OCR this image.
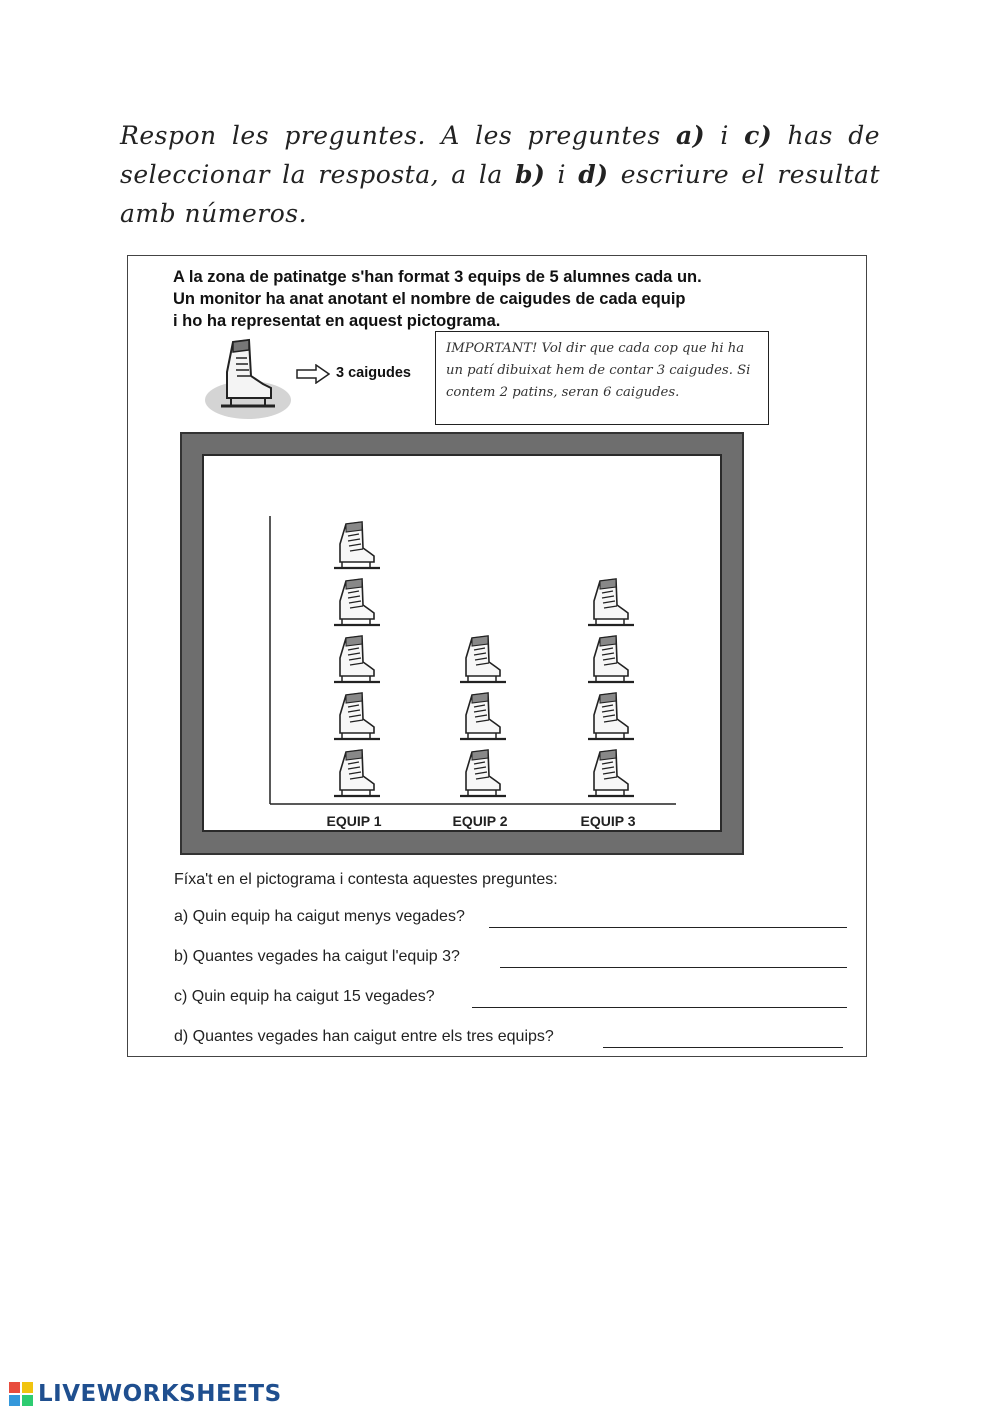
Respon les preguntes. A les preguntes a) i c) has de seleccionar la resposta, a la b) i d) escriure el resultat amb números.
A la zona de patinatge s'han format 3 equips de 5 alumnes cada un.
Un monitor ha anat anotant el nombre de caigudes de cada equip
i ho ha representat en aquest pictograma.
3 caigudes
IMPORTANT! Vol dir que cada cop que hi ha un patí dibuixat hem de contar 3 caigudes. Si contem 2 patins, seran 6 caigudes.
EQUIP 1	EQUIP 2	EQUIP 3
Fíxa't en el pictograma i contesta aquestes preguntes:
a) Quin equip ha caigut menys vegades?
b) Quantes vegades ha caigut l'equip 3?
c) Quin equip ha caigut 15 vegades?
d) Quantes vegades han caigut entre els tres equips?
LIVEWORKSHEETS
